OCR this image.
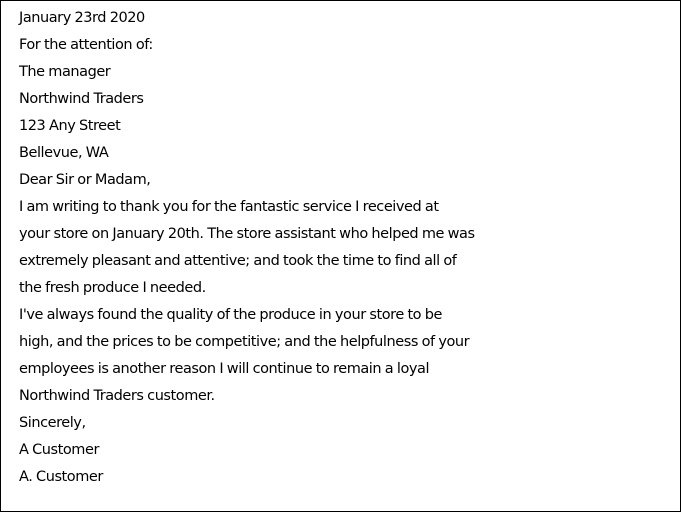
January 23rd 2020
For the attention of:
The manager
Northwind Traders
123 Any Street
Bellevue, WA
Dear Sir or Madam,
I am writing to thank you for the fantastic service I received at
your store on January 20th. The store assistant who helped me was
extremely pleasant and attentive; and took the time to find all of
the fresh produce I needed.
I've always found the quality of the produce in your store to be
high, and the prices to be competitive; and the helpfulness of your
employees is another reason I will continue to remain a loyal
Northwind Traders customer.
Sincerely,
A Customer
A. Customer
